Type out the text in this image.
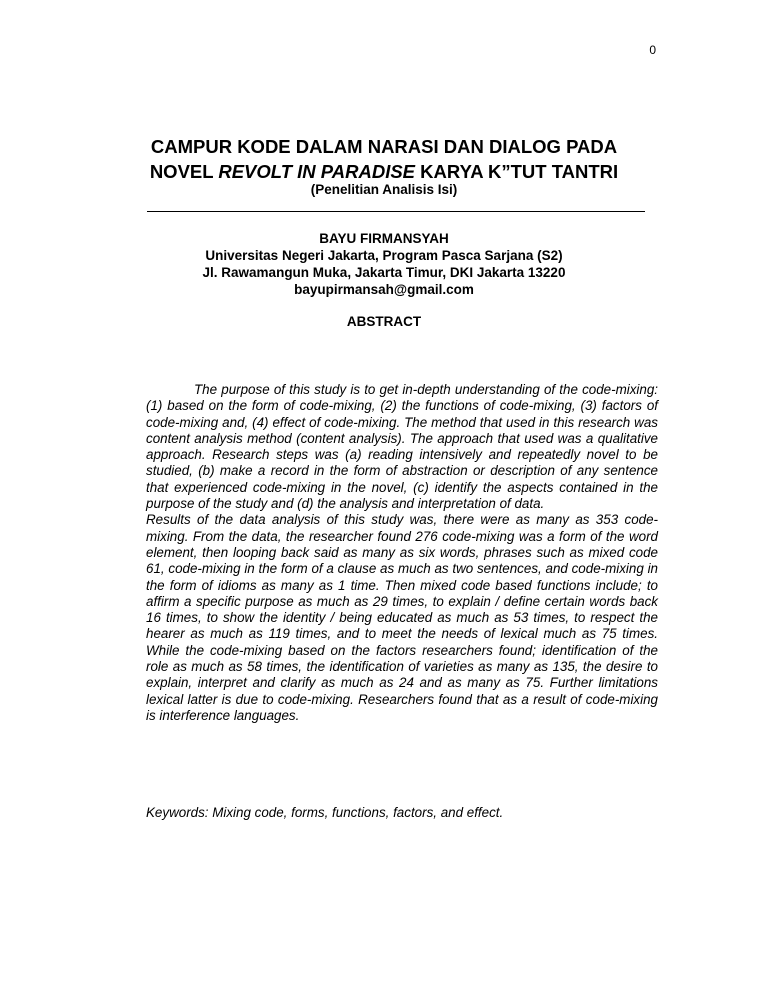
0
CAMPUR KODE DALAM NARASI DAN DIALOG PADA
NOVEL REVOLT IN PARADISE KARYA K”TUT TANTRI
(Penelitian Analisis Isi)
BAYU FIRMANSYAH
Universitas Negeri Jakarta, Program Pasca Sarjana (S2)
Jl. Rawamangun Muka, Jakarta Timur, DKI Jakarta 13220
bayupirmansah@gmail.com
ABSTRACT

The purpose of this study is to get in-depth understanding of the code-mixing: (1) based on the form of code-mixing, (2) the functions of code-mixing, (3) factors of code-mixing and, (4) effect of code-mixing. The method that used in this research was content analysis method (content analysis). The approach that used was a qualitative approach. Research steps was (a) reading intensively and repeatedly novel to be studied, (b) make a record in the form of abstraction or description of any sentence that experienced code-mixing in the novel, (c) identify the aspects contained in the purpose of the study and (d) the analysis and interpretation of data.

Results of the data analysis of this study was, there were as many as 353 code-mixing. From the data, the researcher found 276 code-mixing was a form of the word element, then looping back said as many as six words, phrases such as mixed code 61, code-mixing in the form of a clause as much as two sentences, and code-mixing in the form of idioms as many as 1 time. Then mixed code based functions include; to affirm a specific purpose as much as 29 times, to explain / define certain words back 16 times, to show the identity / being educated as much as 53 times, to respect the hearer as much as 119 times, and to meet the needs of lexical much as 75 times. While the code-mixing based on the factors researchers found; identification of the role as much as 58 times, the identification of varieties as many as 135, the desire to explain, interpret and clarify as much as 24 and as many as 75. Further limitations lexical latter is due to code-mixing. Researchers found that as a result of code-mixing is interference languages.

Keywords: Mixing code, forms, functions, factors, and effect.
